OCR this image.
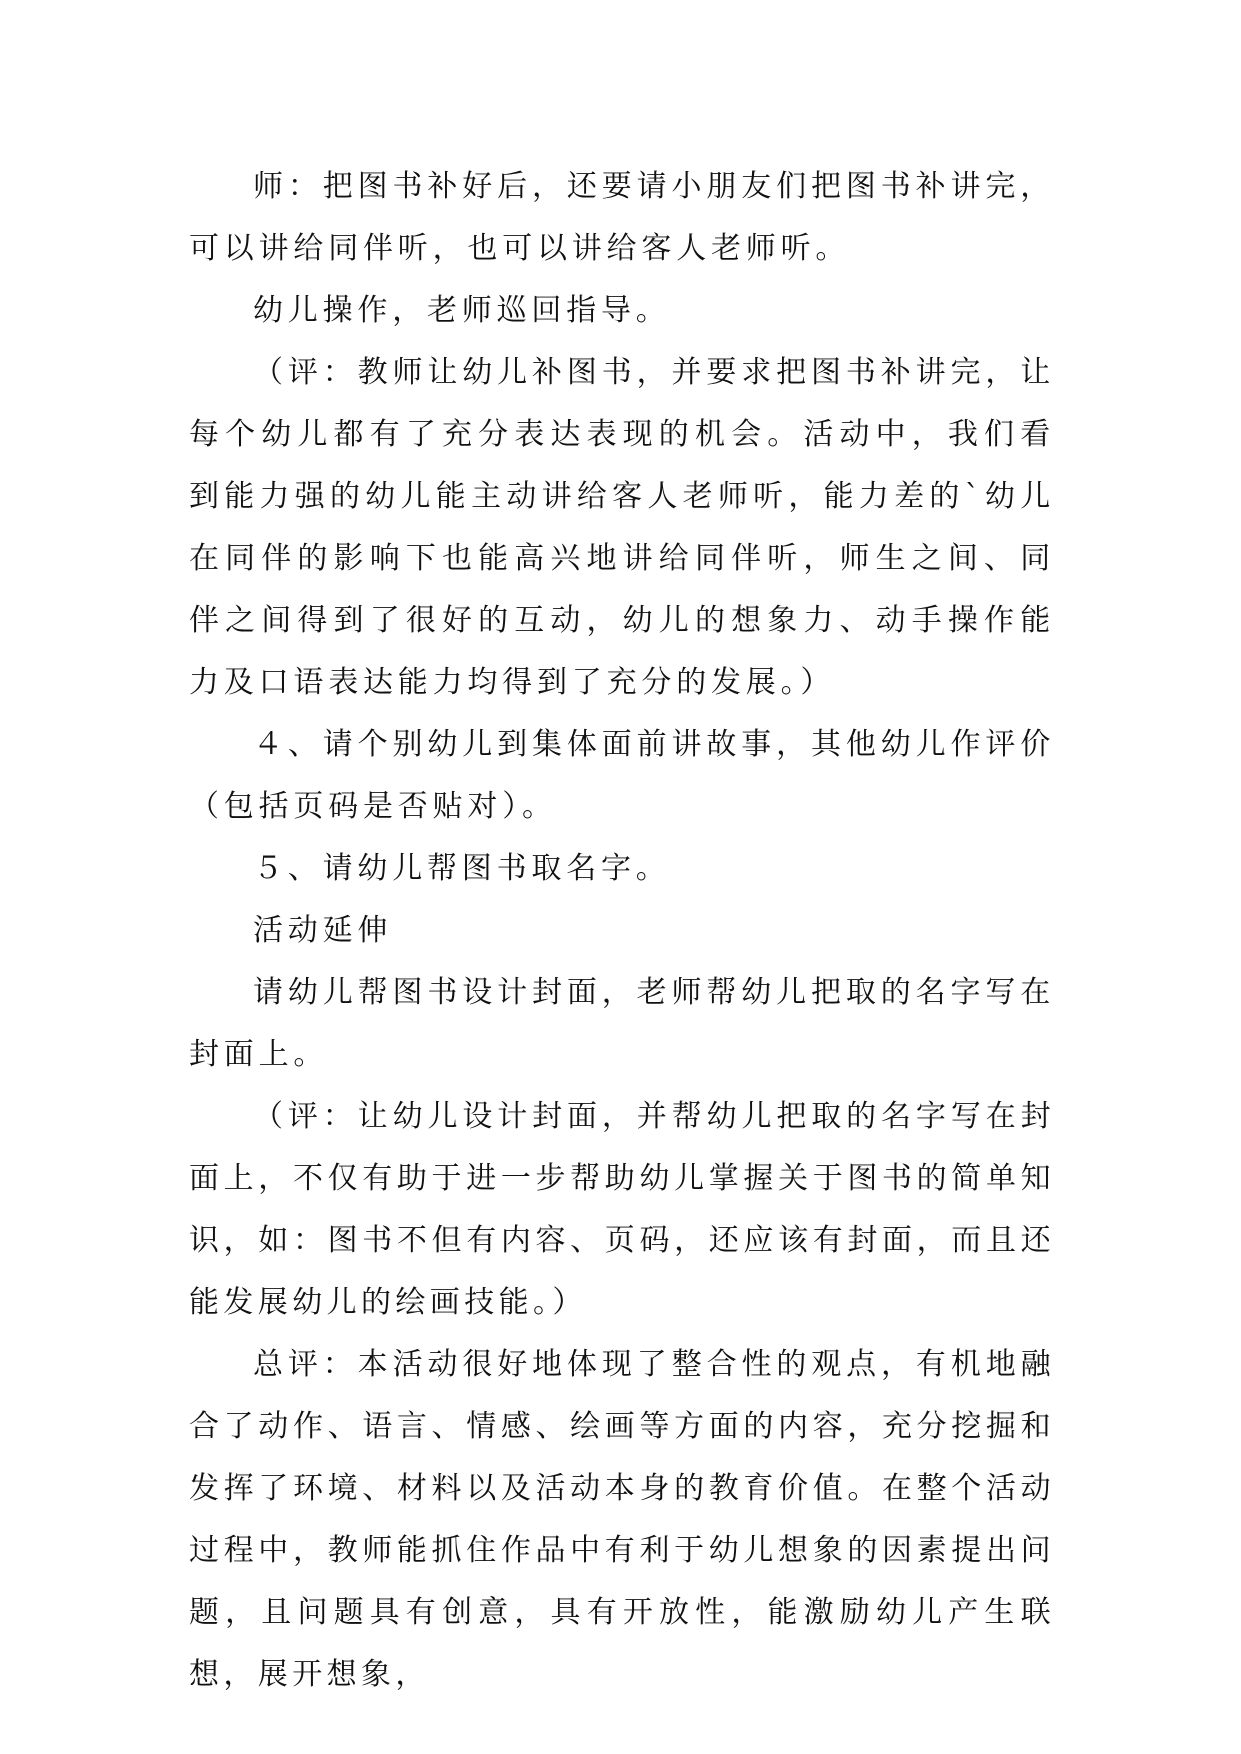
师：把图书补好后，还要请小朋友们把图书补讲完，可以讲给同伴听，也可以讲给客人老师听。

幼儿操作，老师巡回指导。

（评：教师让幼儿补图书，并要求把图书补讲完，让每个幼儿都有了充分表达表现的机会。活动中，我们看到能力强的幼儿能主动讲给客人老师听，能力差的`幼儿在同伴的影响下也能高兴地讲给同伴听，师生之间、同伴之间得到了很好的互动，幼儿的想象力、动手操作能力及口语表达能力均得到了充分的发展。）

４、请个别幼儿到集体面前讲故事，其他幼儿作评价（包括页码是否贴对）。

５、请幼儿帮图书取名字。

活动延伸

请幼儿帮图书设计封面，老师帮幼儿把取的名字写在封面上。

（评：让幼儿设计封面，并帮幼儿把取的名字写在封面上，不仅有助于进一步帮助幼儿掌握关于图书的简单知识，如：图书不但有内容、页码，还应该有封面，而且还能发展幼儿的绘画技能。）

总评：本活动很好地体现了整合性的观点，有机地融合了动作、语言、情感、绘画等方面的内容，充分挖掘和发挥了环境、材料以及活动本身的教育价值。在整个活动过程中，教师能抓住作品中有利于幼儿想象的因素提出问题，且问题具有创意，具有开放性，能激励幼儿产生联想，展开想象，
